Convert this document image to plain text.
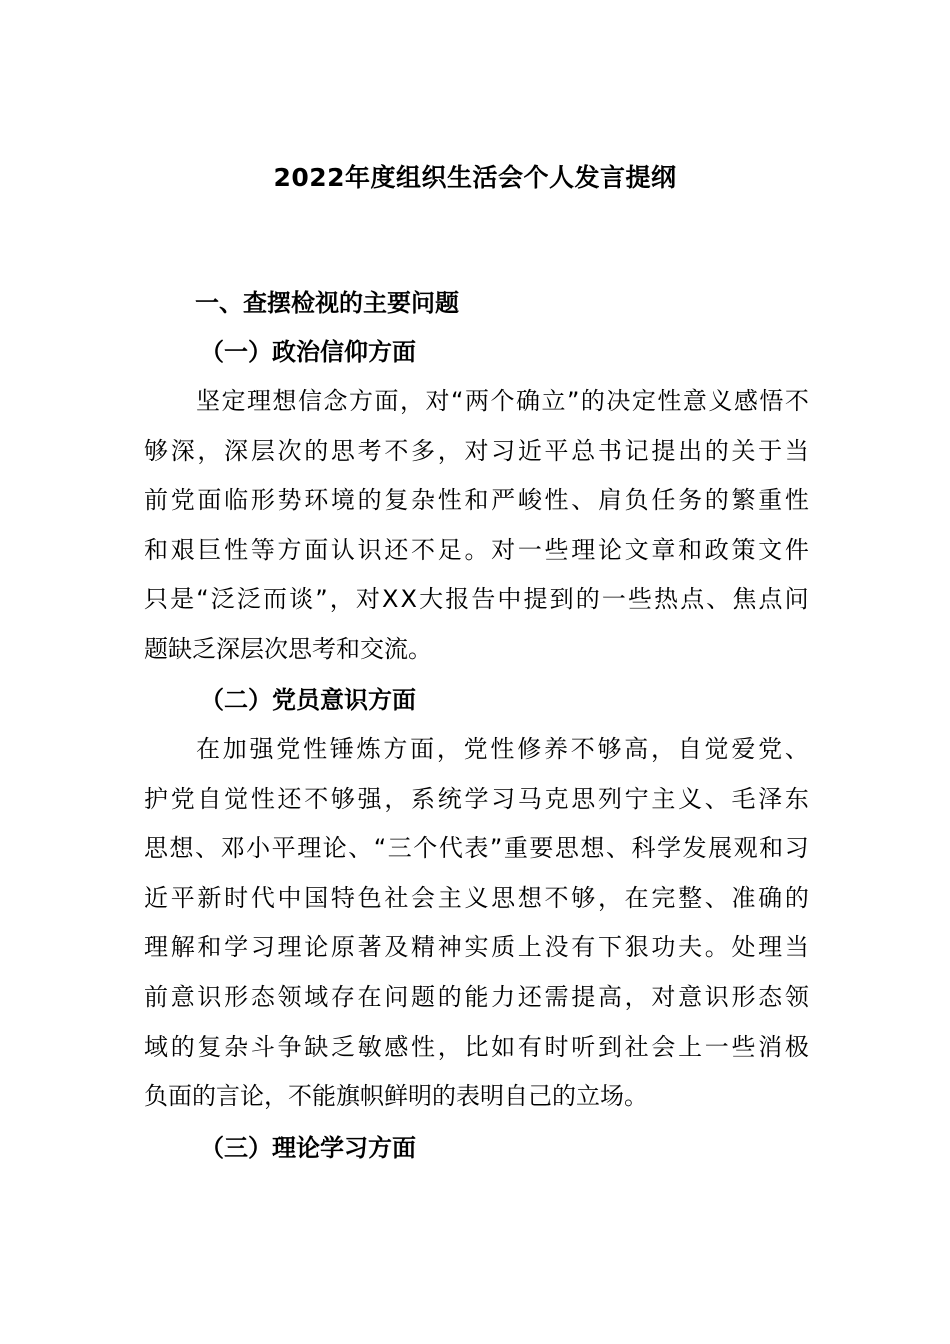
2022年度组织生活会个人发言提纲
一、查摆检视的主要问题
（一）政治信仰方面
坚 定 理 想 信 念 方 面 ， 对 “ 两 个 确 立 ” 的 决 定 性 意 义 感 悟 不
够 深 ， 深 层 次 的 思 考 不 多 ， 对 习 近 平 总 书 记 提 出 的 关 于 当
前 党 面 临 形 势 环 境 的 复 杂 性 和 严 峻 性 、 肩 负 任 务 的 繁 重 性
和 艰 巨 性 等 方 面 认 识 还 不 足 。 对 一 些 理 论 文 章 和 政 策 文 件
只 是 “ 泛 泛 而 谈 ” ， 对 X X 大 报 告 中 提 到 的 一 些 热 点 、 焦 点 问
题缺乏深层次思考和交流。
（二）党员意识方面
在 加 强 党 性 锤 炼 方 面 ， 党 性 修 养 不 够 高 ， 自 觉 爱 党 、
护 党 自 觉 性 还 不 够 强 ， 系 统 学 习 马 克 思 列 宁 主 义 、 毛 泽 东
思 想 、 邓 小 平 理 论 、 “ 三 个 代 表 ” 重 要 思 想 、 科 学 发 展 观 和 习
近 平 新 时 代 中 国 特 色 社 会 主 义 思 想 不 够 ， 在 完 整 、 准 确 的
理 解 和 学 习 理 论 原 著 及 精 神 实 质 上 没 有 下 狠 功 夫 。 处 理 当
前 意 识 形 态 领 域 存 在 问 题 的 能 力 还 需 提 高 ， 对 意 识 形 态 领
域 的 复 杂 斗 争 缺 乏 敏 感 性 ， 比 如 有 时 听 到 社 会 上 一 些 消 极
负面的言论，不能旗帜鲜明的表明自己的立场。
（三）理论学习方面
